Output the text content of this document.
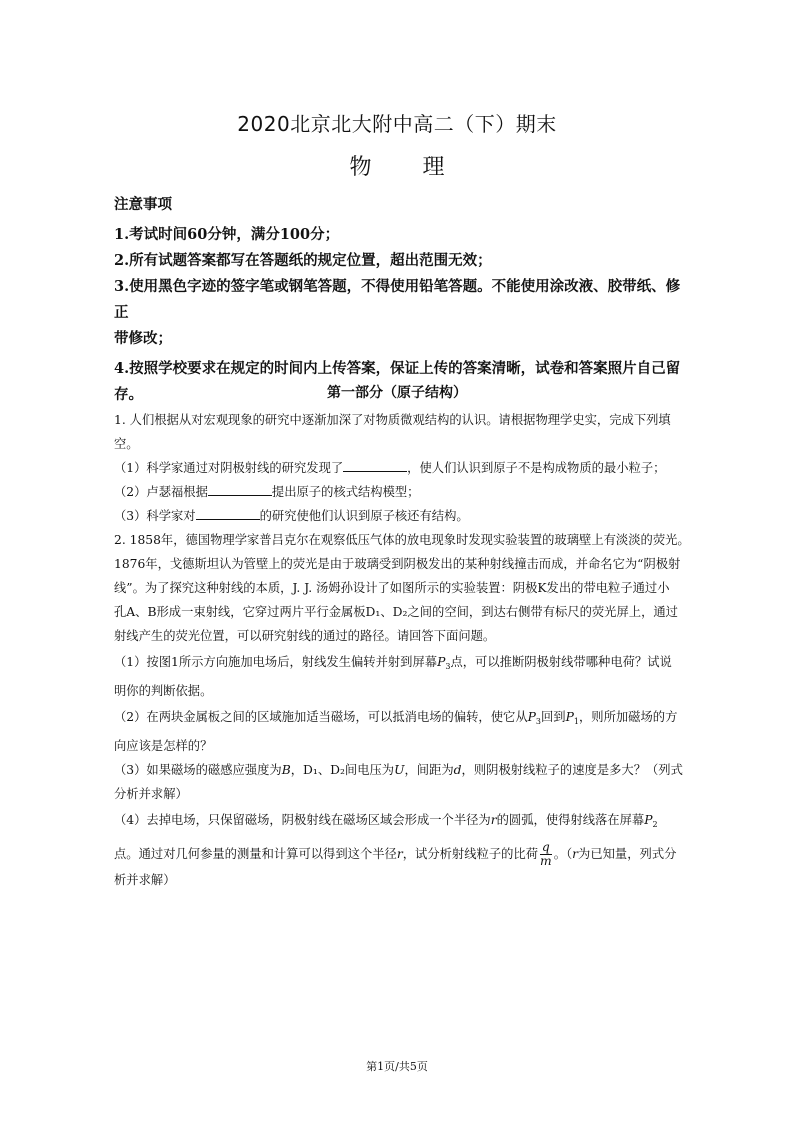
2020北京北大附中高二（下）期末
物 理

注意事项

1.考试时间60分钟，满分100分；

2.所有试题答案都写在答题纸的规定位置，超出范围无效；

3.使用黑色字迹的签字笔或钢笔答题，不得使用铅笔答题。不能使用涂改液、胶带纸、修正

带修改；

4.按照学校要求在规定的时间内上传答案，保证上传的答案清晰，试卷和答案照片自己留

存。	第一部分（原子结构）

1. 人们根据从对宏观现象的研究中逐渐加深了对物质微观结构的认识。请根据物理学史实，完成下列填

空。

（1）科学家通过对阴极射线的研究发现了	，使人们认识到原子不是构成物质的最小粒子；

（2）卢瑟福根据	提出原子的核式结构模型；

（3）科学家对	的研究使他们认识到原子核还有结构。

2. 1858年，德国物理学家普吕克尔在观察低压气体的放电现象时发现实验装置的玻璃壁上有淡淡的荧光。

1876年，戈德斯坦认为管壁上的荧光是由于玻璃受到阴极发出的某种射线撞击而成，并命名它为“阴极射

线”。为了探究这种射线的本质，J. J. 汤姆孙设计了如图所示的实验装置：阴极K发出的带电粒子通过小

孔A、B形成一束射线，它穿过两片平行金属板D₁、D₂之间的空间，到达右侧带有标尺的荧光屏上，通过

射线产生的荧光位置，可以研究射线的通过的路径。请回答下面问题。

（1）按图1所示方向施加电场后，射线发生偏转并射到屏幕$P_3$点，可以推断阴极射线带哪种电荷？试说

明你的判断依据。

（2）在两块金属板之间的区域施加适当磁场，可以抵消电场的偏转，使它从$P_3$回到$P_1$，则所加磁场的方

向应该是怎样的？

（3）如果磁场的磁感应强度为B，D₁、D₂间电压为U，间距为d，则阴极射线粒子的速度是多大？（列式

分析并求解）

（4）去掉电场，只保留磁场，阴极射线在磁场区域会形成一个半径为r的圆弧，使得射线落在屏幕$P_2$

点。通过对几何参量的测量和计算可以得到这个半径r，试分析射线粒子的比荷 $\frac{q}{m}$ 。（r为已知量，列式分

析并求解）

第1页/共5页
